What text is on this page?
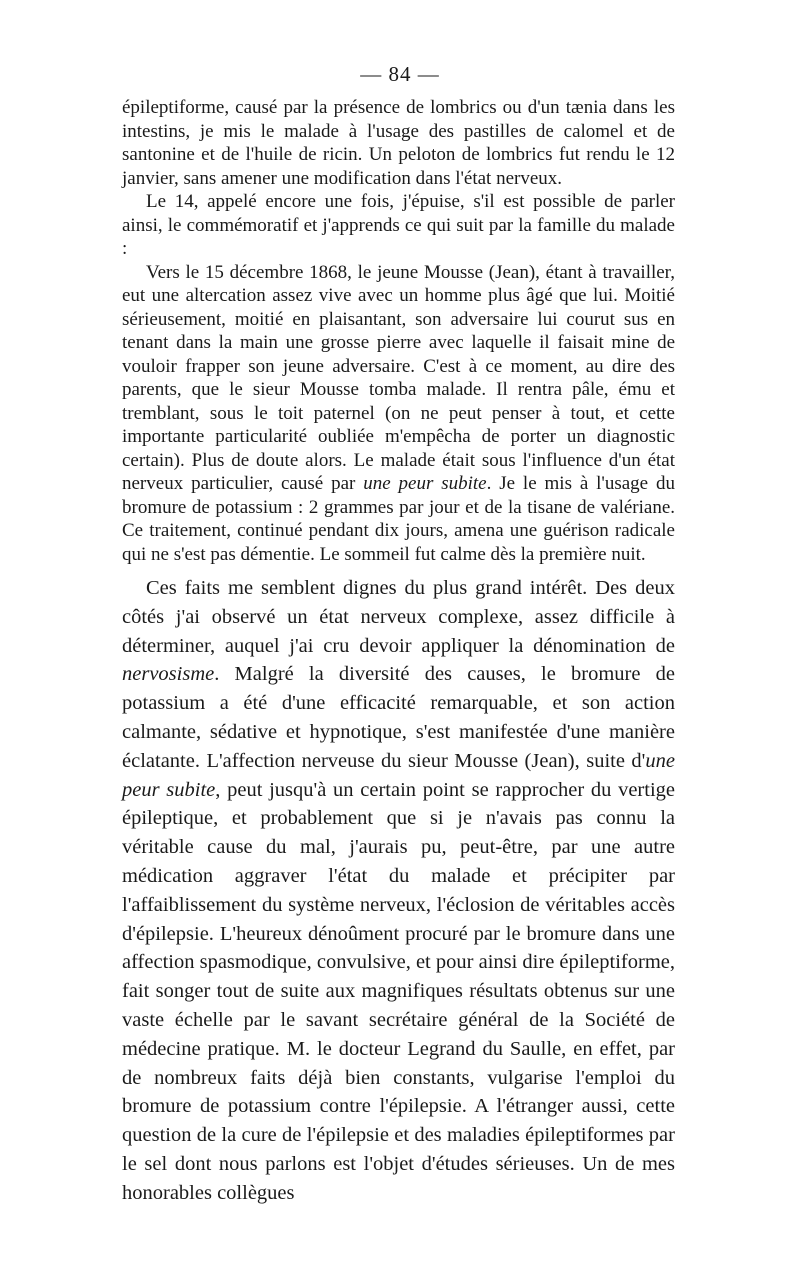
— 84 —

épileptiforme, causé par la présence de lombrics ou d'un tænia dans les intestins, je mis le malade à l'usage des pastilles de calomel et de santonine et de l'huile de ricin. Un peloton de lombrics fut rendu le 12 janvier, sans amener une modification dans l'état nerveux.

Le 14, appelé encore une fois, j'épuise, s'il est possible de parler ainsi, le commémoratif et j'apprends ce qui suit par la famille du malade :

Vers le 15 décembre 1868, le jeune Mousse (Jean), étant à travailler, eut une altercation assez vive avec un homme plus âgé que lui. Moitié sérieusement, moitié en plaisantant, son adversaire lui courut sus en tenant dans la main une grosse pierre avec laquelle il faisait mine de vouloir frapper son jeune adversaire. C'est à ce moment, au dire des parents, que le sieur Mousse tomba malade. Il rentra pâle, ému et tremblant, sous le toit paternel (on ne peut penser à tout, et cette importante particularité oubliée m'empêcha de porter un diagnostic certain). Plus de doute alors. Le malade était sous l'influence d'un état nerveux particulier, causé par une peur subite. Je le mis à l'usage du bromure de potassium : 2 grammes par jour et de la tisane de valériane. Ce traitement, continué pendant dix jours, amena une guérison radicale qui ne s'est pas démentie. Le sommeil fut calme dès la première nuit.

Ces faits me semblent dignes du plus grand intérêt. Des deux côtés j'ai observé un état nerveux complexe, assez difficile à déterminer, auquel j'ai cru devoir appliquer la dénomination de nervosisme. Malgré la diversité des causes, le bromure de potassium a été d'une efficacité remarquable, et son action calmante, sédative et hypnotique, s'est manifestée d'une manière éclatante. L'affection nerveuse du sieur Mousse (Jean), suite d'une peur subite, peut jusqu'à un certain point se rapprocher du vertige épileptique, et probablement que si je n'avais pas connu la véritable cause du mal, j'aurais pu, peut-être, par une autre médication aggraver l'état du malade et précipiter par l'affaiblissement du système nerveux, l'éclosion de véritables accès d'épilepsie. L'heureux dénoûment procuré par le bromure dans une affection spasmodique, convulsive, et pour ainsi dire épileptiforme, fait songer tout de suite aux magnifiques résultats obtenus sur une vaste échelle par le savant secrétaire général de la Société de médecine pratique. M. le docteur Legrand du Saulle, en effet, par de nombreux faits déjà bien constants, vulgarise l'emploi du bromure de potassium contre l'épilepsie. A l'étranger aussi, cette question de la cure de l'épilepsie et des maladies épileptiformes par le sel dont nous parlons est l'objet d'études sérieuses. Un de mes honorables collègues
